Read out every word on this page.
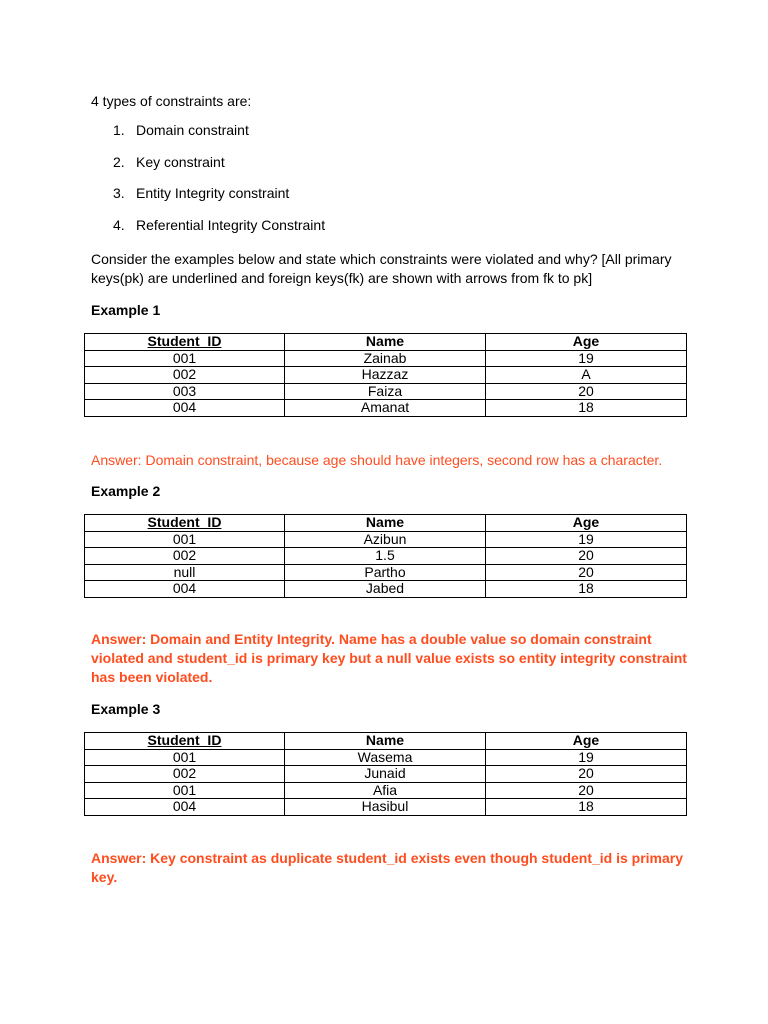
4 types of constraints are:
1. Domain constraint
2. Key constraint
3. Entity Integrity constraint
4. Referential Integrity Constraint
Consider the examples below and state which constraints were violated and why? [All primary keys(pk) are underlined and foreign keys(fk) are shown with arrows from fk to pk]
Example 1
Student_ID	Name	Age
001	Zainab	19
002	Hazzaz	A
003	Faiza	20
004	Amanat	18
Answer: Domain constraint, because age should have integers, second row has a character.
Example 2
Student_ID	Name	Age
001	Azibun	19
002	1.5	20
null	Partho	20
004	Jabed	18
Answer: Domain and Entity Integrity. Name has a double value so domain constraint violated and student_id is primary key but a null value exists so entity integrity constraint has been violated.
Example 3
Student_ID	Name	Age
001	Wasema	19
002	Junaid	20
001	Afia	20
004	Hasibul	18
Answer: Key constraint as duplicate student_id exists even though student_id is primary key.
